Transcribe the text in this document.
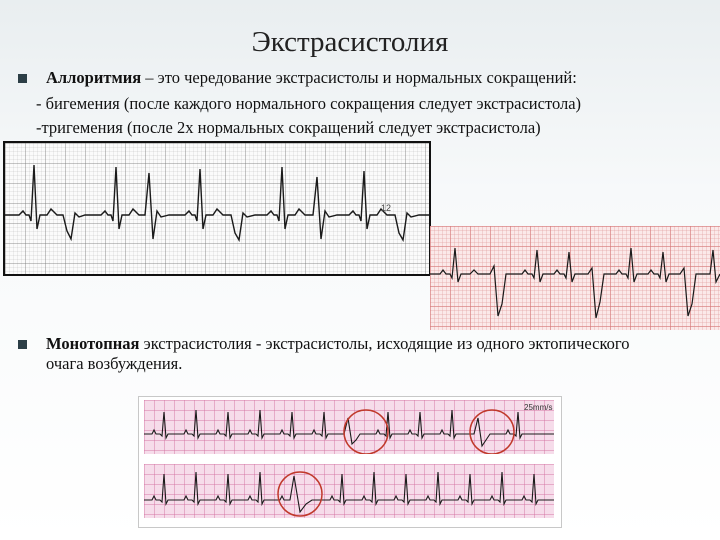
Экстрасистолия
Аллоритмия – это чередование экстрасистолы и нормальных сокращений:
- бигемения (после каждого нормального сокращения следует экстрасистола)
-тригемения (после 2х нормальных сокращений следует экстрасистола)
12
Монотопная экстрасистолия - экстрасистолы, исходящие из одного эктопического
очага возбуждения.
25mm/s
